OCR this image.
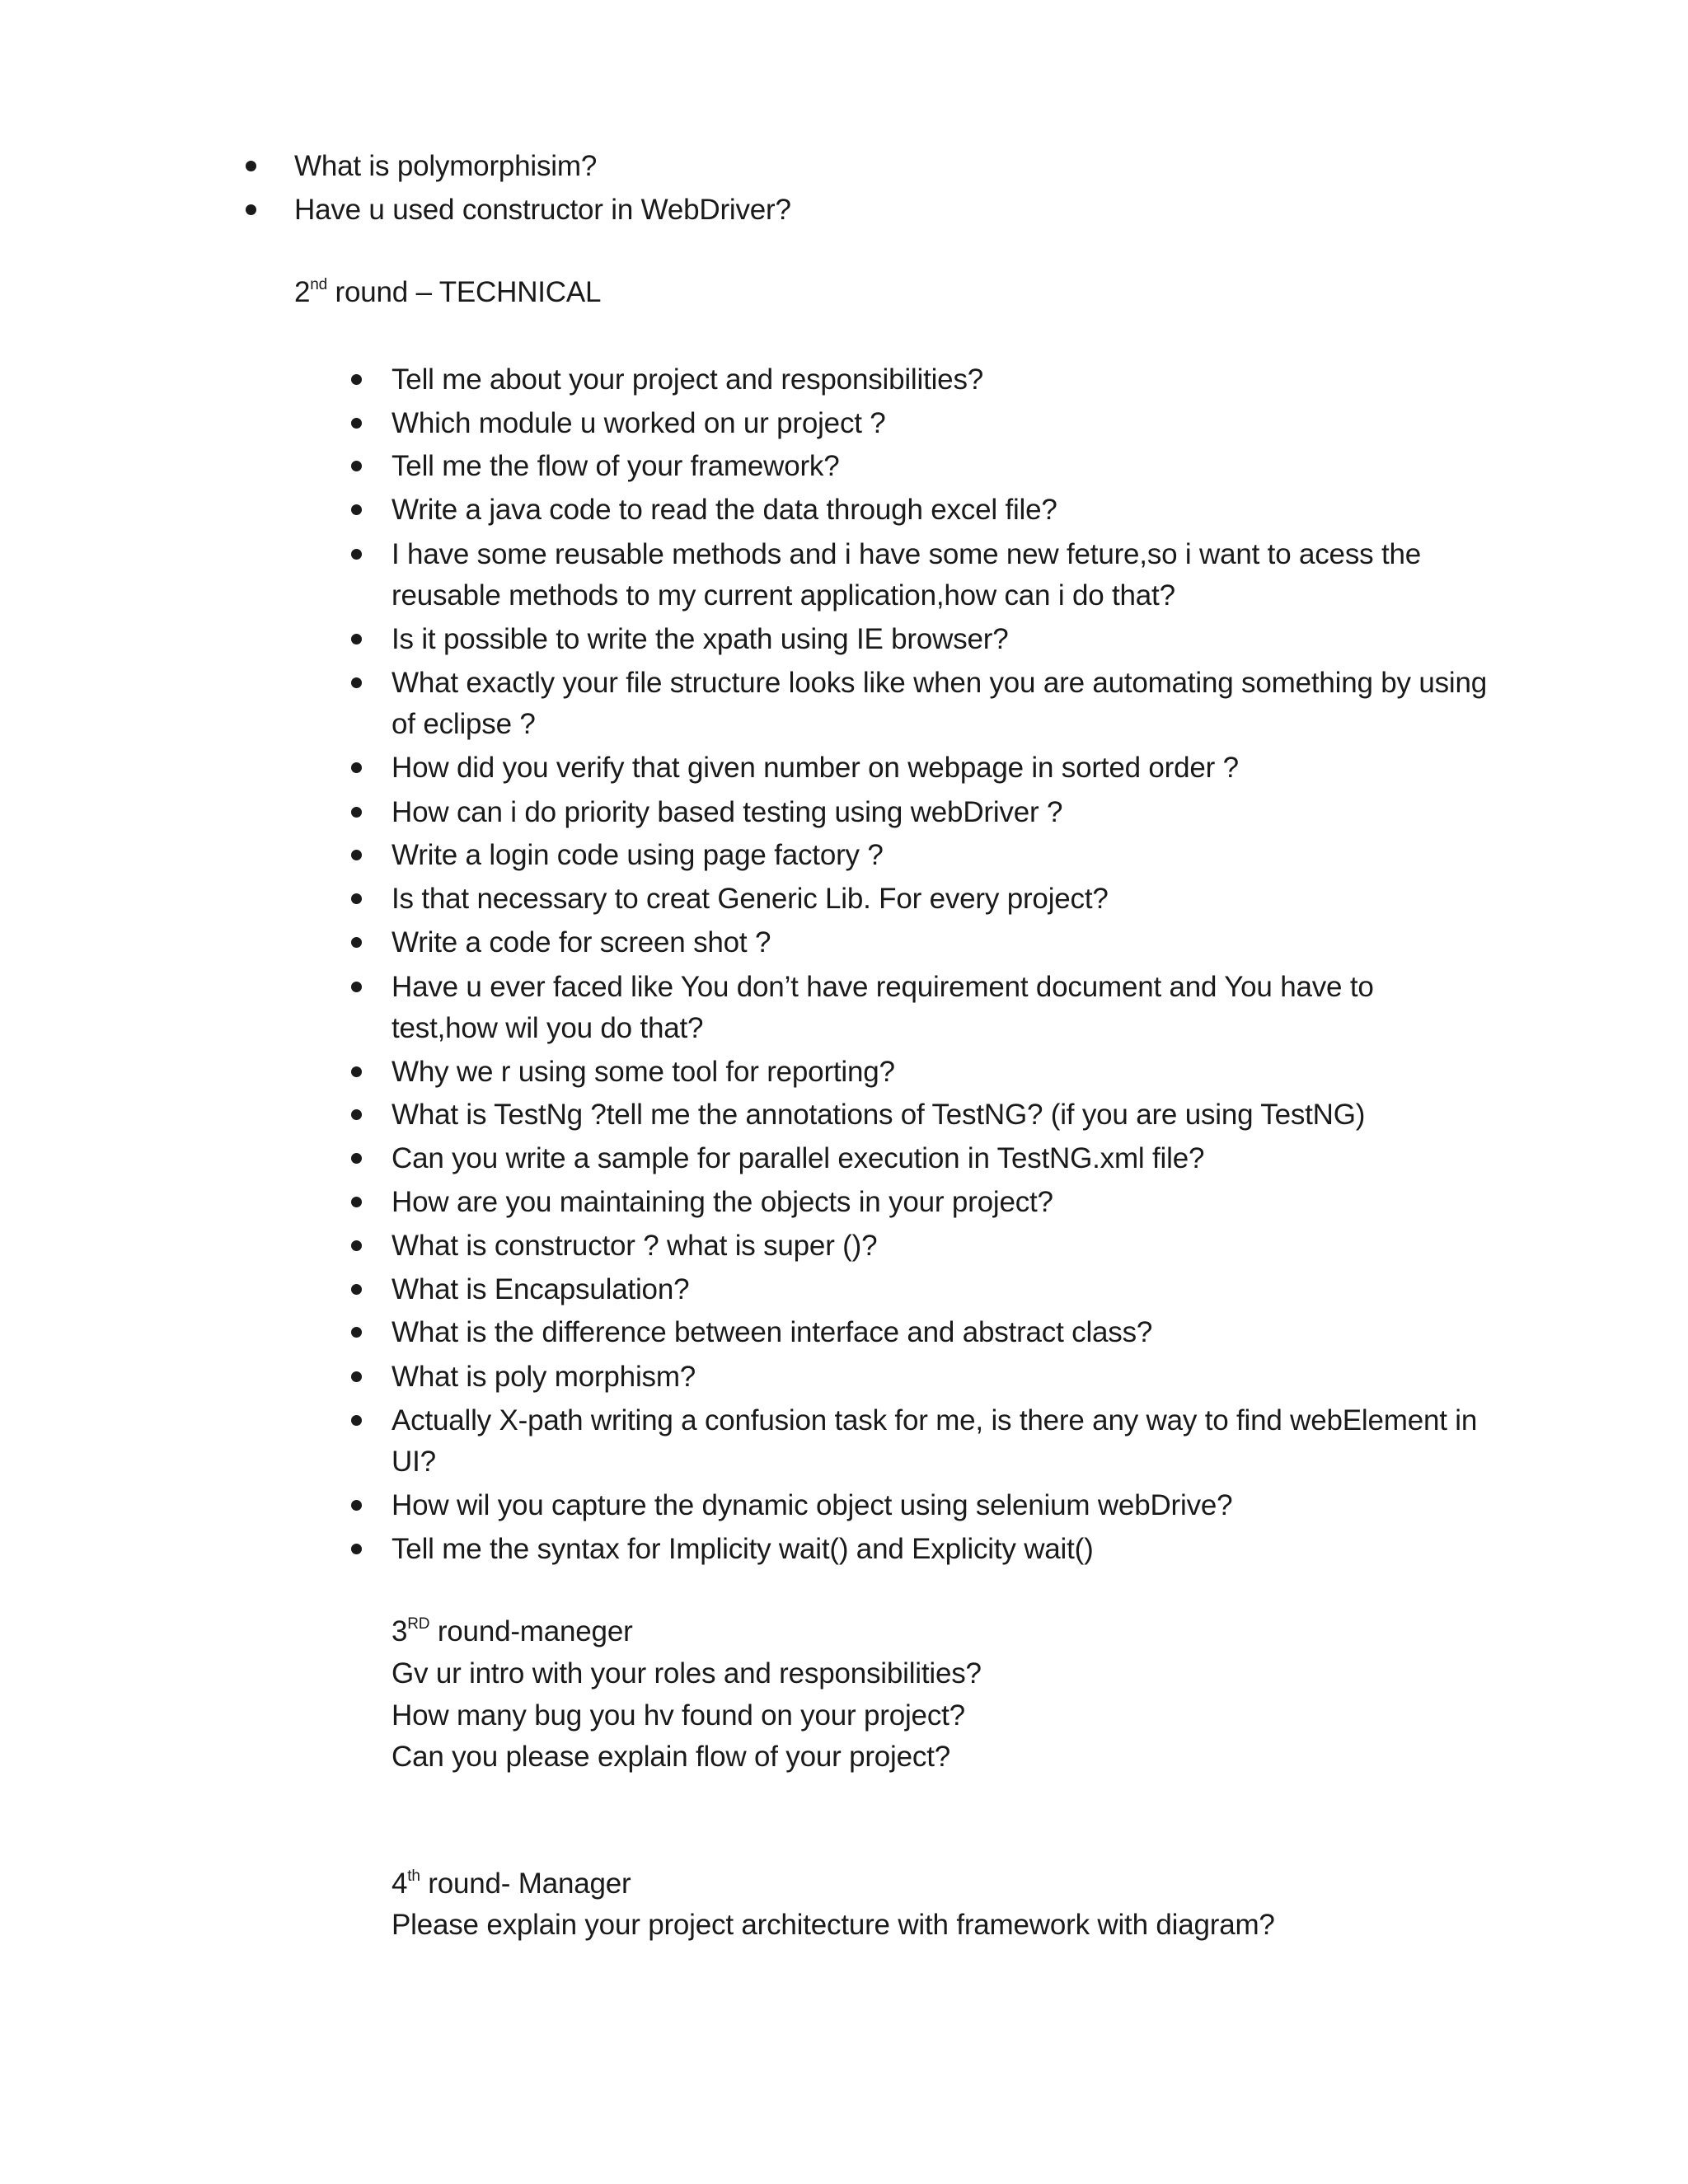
What is polymorphisim?
Have u used constructor in WebDriver?
2nd round – TECHNICAL
Tell me about your project and responsibilities?
Which module u worked on ur project ?
Tell me the flow of your framework?
Write a java code to read the data through excel file?
I have some reusable methods and i have some new feture,so i want to acess the
reusable methods to my current application,how can i do that?
Is it possible to write the xpath using IE browser?
What exactly your file structure looks like when you are automating something by using
of eclipse ?
How did you verify that given number on webpage in sorted order ?
How can i do priority based testing using webDriver ?
Write a login code using page factory ?
Is that necessary to creat Generic Lib. For every project?
Write a code for screen shot ?
Have u ever faced like You don’t have requirement document and You have to
test,how wil you do that?
Why we r using some tool for reporting?
What is TestNg ?tell me the annotations of TestNG? (if you are using TestNG)
Can you write a sample for parallel execution in TestNG.xml file?
How are you maintaining the objects in your project?
What is constructor ? what is super ()?
What is Encapsulation?
What is the difference between interface and abstract class?
What is poly morphism?
Actually X-path writing a confusion task for me, is there any way to find webElement in
UI?
How wil you capture the dynamic object using selenium webDrive?
Tell me the syntax for Implicity wait() and Explicity wait()
3RD round-maneger
Gv ur intro with your roles and responsibilities?
How many bug you hv found on your project?
Can you please explain flow of your project?
4th round- Manager
Please explain your project architecture with framework with diagram?
